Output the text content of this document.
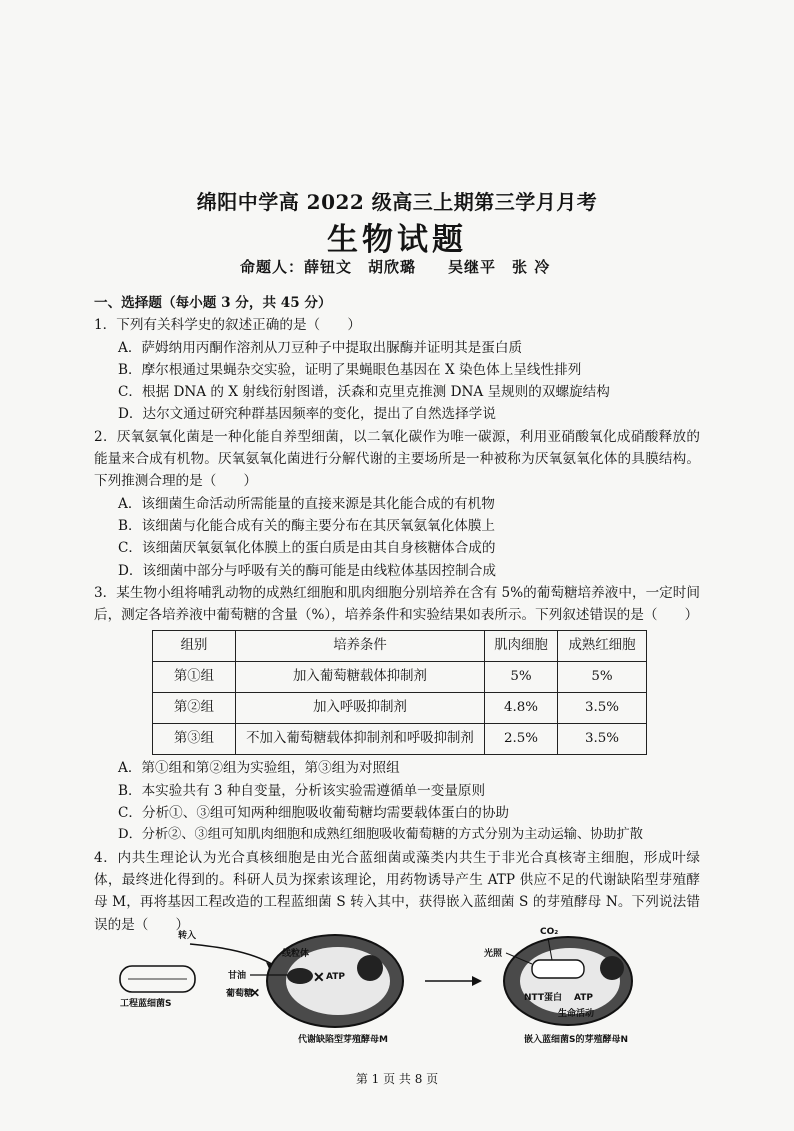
绵阳中学高 2022 级高三上期第三学月月考
生物试题
命题人：薛钮文　胡欣璐　　吴继平　张 冷

一、选择题（每小题 3 分，共 45 分）

1．下列有关科学史的叙述正确的是（　　）

A．萨姆纳用丙酮作溶剂从刀豆种子中提取出脲酶并证明其是蛋白质

B．摩尔根通过果蝇杂交实验，证明了果蝇眼色基因在 X 染色体上呈线性排列

C．根据 DNA 的 X 射线衍射图谱，沃森和克里克推测 DNA 呈规则的双螺旋结构

D．达尔文通过研究种群基因频率的变化，提出了自然选择学说

2．厌氧氨氧化菌是一种化能自养型细菌，以二氧化碳作为唯一碳源，利用亚硝酸氧化成硝酸释放的能量来合成有机物。厌氧氨氧化菌进行分解代谢的主要场所是一种被称为厌氧氨氧化体的具膜结构。下列推测合理的是（　　）

A．该细菌生命活动所需能量的直接来源是其化能合成的有机物

B．该细菌与化能合成有关的酶主要分布在其厌氧氨氧化体膜上

C．该细菌厌氧氨氧化体膜上的蛋白质是由其自身核糖体合成的

D．该细菌中部分与呼吸有关的酶可能是由线粒体基因控制合成

3．某生物小组将哺乳动物的成熟红细胞和肌肉细胞分别培养在含有 5%的葡萄糖培养液中，一定时间后，测定各培养液中葡萄糖的含量（%），培养条件和实验结果如表所示。下列叙述错误的是（　　）

组别	培养条件	肌肉细胞	成熟红细胞
第①组	加入葡萄糖载体抑制剂	5%	5%
第②组	加入呼吸抑制剂	4.8%	3.5%
第③组	不加入葡萄糖载体抑制剂和呼吸抑制剂	2.5%	3.5%

A．第①组和第②组为实验组，第③组为对照组

B．本实验共有 3 种自变量，分析该实验需遵循单一变量原则

C．分析①、③组可知两种细胞吸收葡萄糖均需要载体蛋白的协助

D．分析②、③组可知肌肉细胞和成熟红细胞吸收葡萄糖的方式分别为主动运输、协助扩散

4．内共生理论认为光合真核细胞是由光合蓝细菌或藻类内共生于非光合真核寄主细胞，形成叶绿体，最终进化得到的。科研人员为探索该理论，用药物诱导产生 ATP 供应不足的代谢缺陷型芽殖酵母 M，再将基因工程改造的工程蓝细菌 S 转入其中，获得嵌入蓝细菌 S 的芽殖酵母 N。下列说法错误的是（　　）

转入
工程蓝细菌S
线粒体
ATP
✕
甘油
葡萄糖
✕
代谢缺陷型芽殖酵母M
CO₂
光照
NTT蛋白 ATP
生命活动
嵌入蓝细菌S的芽殖酵母N
第 1 页 共 8 页
